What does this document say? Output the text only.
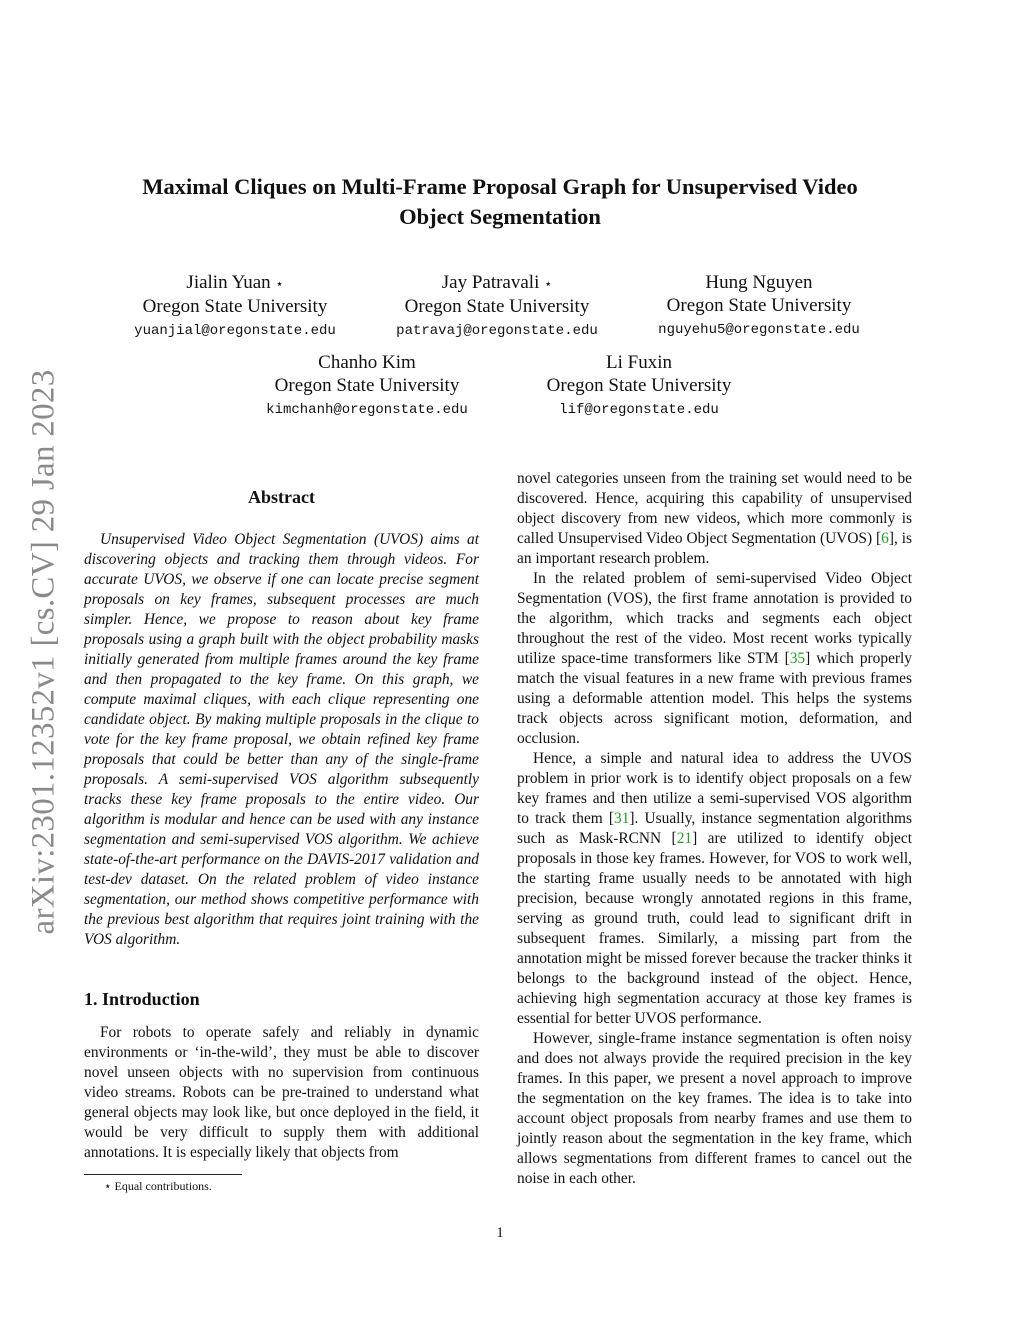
arXiv:2301.12352v1 [cs.CV] 29 Jan 2023
Maximal Cliques on Multi-Frame Proposal Graph for Unsupervised Video
Object Segmentation
Jialin Yuan ⋆
Oregon State University
yuanjial@oregonstate.edu
Jay Patravali ⋆
Oregon State University
patravaj@oregonstate.edu
Hung Nguyen
Oregon State University
nguyehu5@oregonstate.edu
Chanho Kim
Oregon State University
kimchanh@oregonstate.edu
Li Fuxin
Oregon State University
lif@oregonstate.edu
Abstract

Unsupervised Video Object Segmentation (UVOS) aims at discovering objects and tracking them through videos. For accurate UVOS, we observe if one can locate precise segment proposals on key frames, subsequent processes are much simpler. Hence, we propose to reason about key frame proposals using a graph built with the object probability masks initially generated from multiple frames around the key frame and then propagated to the key frame. On this graph, we compute maximal cliques, with each clique representing one candidate object. By making multiple proposals in the clique to vote for the key frame proposal, we obtain refined key frame proposals that could be better than any of the single-frame proposals. A semi-supervised VOS algorithm subsequently tracks these key frame proposals to the entire video. Our algorithm is modular and hence can be used with any instance segmentation and semi-supervised VOS algorithm. We achieve state-of-the-art performance on the DAVIS-2017 validation and test-dev dataset. On the related problem of video instance segmentation, our method shows competitive performance with the previous best algorithm that requires joint training with the VOS algorithm.

1. Introduction

For robots to operate safely and reliably in dynamic environments or ‘in-the-wild’, they must be able to discover novel unseen objects with no supervision from continuous video streams. Robots can be pre-trained to understand what general objects may look like, but once deployed in the field, it would be very difficult to supply them with additional annotations. It is especially likely that objects from

⋆ Equal contributions.

novel categories unseen from the training set would need to be discovered. Hence, acquiring this capability of unsupervised object discovery from new videos, which more commonly is called Unsupervised Video Object Segmentation (UVOS) [6], is an important research problem.

In the related problem of semi-supervised Video Object Segmentation (VOS), the first frame annotation is provided to the algorithm, which tracks and segments each object throughout the rest of the video. Most recent works typically utilize space-time transformers like STM [35] which properly match the visual features in a new frame with previous frames using a deformable attention model. This helps the systems track objects across significant motion, deformation, and occlusion.

Hence, a simple and natural idea to address the UVOS problem in prior work is to identify object proposals on a few key frames and then utilize a semi-supervised VOS algorithm to track them [31]. Usually, instance segmentation algorithms such as Mask-RCNN [21] are utilized to identify object proposals in those key frames. However, for VOS to work well, the starting frame usually needs to be annotated with high precision, because wrongly annotated regions in this frame, serving as ground truth, could lead to significant drift in subsequent frames. Similarly, a missing part from the annotation might be missed forever because the tracker thinks it belongs to the background instead of the object. Hence, achieving high segmentation accuracy at those key frames is essential for better UVOS performance.

However, single-frame instance segmentation is often noisy and does not always provide the required precision in the key frames. In this paper, we present a novel approach to improve the segmentation on the key frames. The idea is to take into account object proposals from nearby frames and use them to jointly reason about the segmentation in the key frame, which allows segmentations from different frames to cancel out the noise in each other.

1
